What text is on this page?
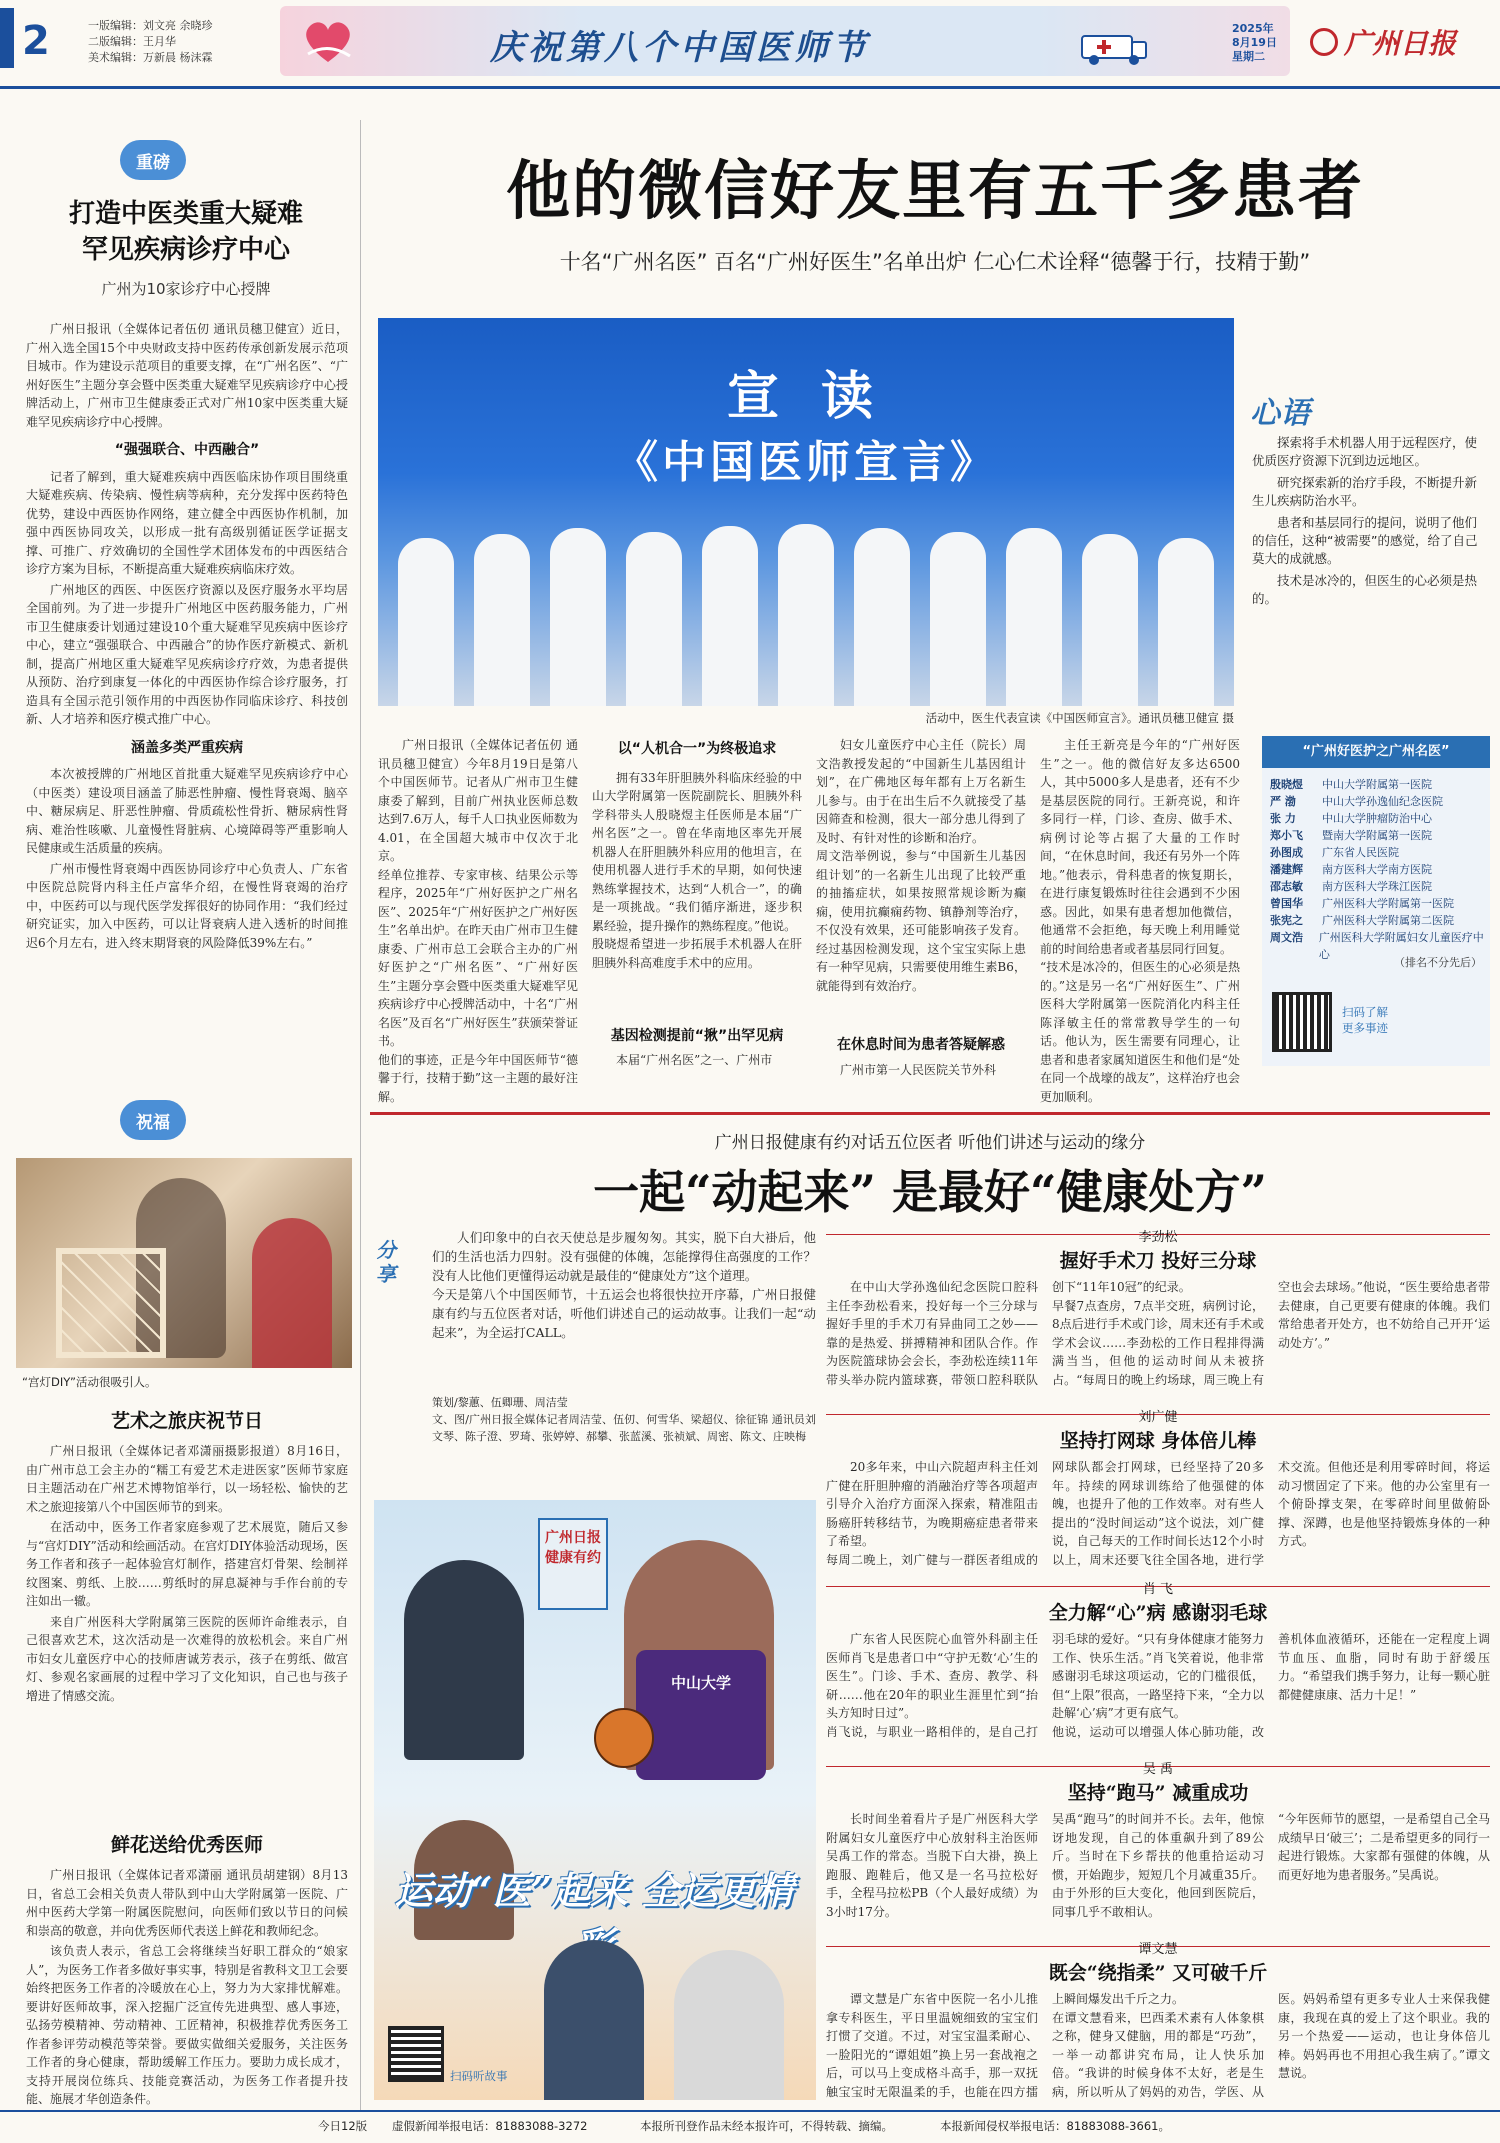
2	一版编辑：刘文亮 余晓珍
二版编辑：王月华
美术编辑：万新晨 杨沫霖	庆祝第八个中国医师节	2025年
8月19日
星期二	广州日报
重磅
打造中医类重大疑难
罕见疾病诊疗中心
广州为10家诊疗中心授牌

广州日报讯（全媒体记者伍仞 通讯员穗卫健宣）近日，广州入选全国15个中央财政支持中医药传承创新发展示范项目城市。作为建设示范项目的重要支撑，在“广州名医”、“广州好医生”主题分享会暨中医类重大疑难罕见疾病诊疗中心授牌活动上，广州市卫生健康委正式对广州10家中医类重大疑难罕见疾病诊疗中心授牌。

“强强联合、中西融合”

记者了解到，重大疑难疾病中西医临床协作项目围绕重大疑难疾病、传染病、慢性病等病种，充分发挥中医药特色优势，建设中西医协作网络，建立健全中西医协作机制，加强中西医协同攻关，以形成一批有高级别循证医学证据支撑、可推广、疗效确切的全国性学术团体发布的中西医结合诊疗方案为目标，不断提高重大疑难疾病临床疗效。

广州地区的西医、中医医疗资源以及医疗服务水平均居全国前列。为了进一步提升广州地区中医药服务能力，广州市卫生健康委计划通过建设10个重大疑难罕见疾病中医诊疗中心，建立“强强联合、中西融合”的协作医疗新模式、新机制，提高广州地区重大疑难罕见疾病诊疗疗效，为患者提供从预防、治疗到康复一体化的中西医协作综合诊疗服务，打造具有全国示范引领作用的中西医协作同临床诊疗、科技创新、人才培养和医疗模式推广中心。

涵盖多类严重疾病

本次被授牌的广州地区首批重大疑难罕见疾病诊疗中心（中医类）建设项目涵盖了肺恶性肿瘤、慢性肾衰竭、脑卒中、糖尿病足、肝恶性肿瘤、骨质疏松性骨折、糖尿病性肾病、难治性咳嗽、儿童慢性肾脏病、心境障碍等严重影响人民健康或生活质量的疾病。

广州市慢性肾衰竭中西医协同诊疗中心负责人、广东省中医院总院肾内科主任卢富华介绍，在慢性肾衰竭的治疗中，中医药可以与现代医学发挥很好的协同作用：“我们经过研究证实，加入中医药，可以让肾衰病人进入透析的时间推迟6个月左右，进入终末期肾衰的风险降低39%左右。”

祝福
“宫灯DIY”活动很吸引人。
艺术之旅庆祝节日

广州日报讯（全媒体记者邓潇丽摄影报道）8月16日，由广州市总工会主办的“糯工有爱艺术走进医家”医师节家庭日主题活动在广州艺术博物馆举行，以一场轻松、愉快的艺术之旅迎接第八个中国医师节的到来。

在活动中，医务工作者家庭参观了艺术展览，随后又参与“宫灯DIY”活动和绘画活动。在宫灯DIY体验活动现场，医务工作者和孩子一起体验宫灯制作，搭建宫灯骨架、绘制祥纹图案、剪纸、上胶……剪纸时的屏息凝神与手作台前的专注如出一辙。

来自广州医科大学附属第三医院的医师许命维表示，自己很喜欢艺术，这次活动是一次难得的放松机会。来自广州市妇女儿童医疗中心的技师唐诚芳表示，孩子在剪纸、做宫灯、参观名家画展的过程中学习了文化知识，自己也与孩子增进了情感交流。

鲜花送给优秀医师

广州日报讯（全媒体记者邓潇丽 通讯员胡建钢）8月13日，省总工会相关负责人带队到中山大学附属第一医院、广州中医药大学第一附属医院慰问，向医师们致以节日的问候和崇高的敬意，并向优秀医师代表送上鲜花和教师纪念。

该负责人表示，省总工会将继续当好职工群众的“娘家人”，为医务工作者多做好事实事，特别是省教科文卫工会要始终把医务工作者的冷暖放在心上，努力为大家排忧解难。要讲好医师故事，深入挖掘广泛宣传先进典型、感人事迹，弘扬劳模精神、劳动精神、工匠精神，积极推荐优秀医务工作者参评劳动模范等荣誉。要做实做细关爱服务，关注医务工作者的身心健康，帮助缓解工作压力。要助力成长成才，支持开展岗位练兵、技能竞赛活动，为医务工作者提升技能、施展才华创造条件。

他的微信好友里有五千多患者
十名“广州名医” 百名“广州好医生”名单出炉 仁心仁术诠释“德馨于行，技精于勤”
宣 读
《中国医师宣言》
活动中，医生代表宣读《中国医师宣言》。通讯员穗卫健宣 摄
心语

探索将手术机器人用于远程医疗，使优质医疗资源下沉到边远地区。

研究探索新的治疗手段，不断提升新生儿疾病防治水平。

患者和基层同行的提问，说明了他们的信任，这种“被需要”的感觉，给了自己莫大的成就感。

技术是冰冷的，但医生的心必须是热的。

广州日报讯（全媒体记者伍仞 通讯员穗卫健宣）今年8月19日是第八个中国医师节。记者从广州市卫生健康委了解到，目前广州执业医师总数达到7.6万人，每千人口执业医师数为4.01，在全国超大城市中仅次于北京。
经单位推荐、专家审核、结果公示等程序，2025年“广州好医护之广州名医”、2025年“广州好医护之广州好医生”名单出炉。在昨天由广州市卫生健康委、广州市总工会联合主办的广州好医护之“广州名医”、“广州好医生”主题分享会暨中医类重大疑难罕见疾病诊疗中心授牌活动中，十名“广州名医”及百名“广州好医生”获颁荣誉证书。
他们的事迹，正是今年中国医师节“德馨于行，技精于勤”这一主题的最好注解。

以“人机合一”为终极追求

拥有33年肝胆胰外科临床经验的中山大学附属第一医院副院长、胆胰外科学科带头人殷晓煜主任医师是本届“广州名医”之一。曾在华南地区率先开展机器人在肝胆胰外科应用的他坦言，在使用机器人进行手术的早期，如何快速熟练掌握技术，达到“人机合一”，的确是一项挑战。“我们循序渐进，逐步积累经验，提升操作的熟练程度。”他说。
殷晓煜希望进一步拓展手术机器人在肝胆胰外科高难度手术中的应用。

基因检测提前“揪”出罕见病

本届“广州名医”之一、广州市

妇女儿童医疗中心主任（院长）周文浩教授发起的“中国新生儿基因组计划”，在广佛地区每年都有上万名新生儿参与。由于在出生后不久就接受了基因筛查和检测，很大一部分患儿得到了及时、有针对性的诊断和治疗。
周文浩举例说，参与“中国新生儿基因组计划”的一名新生儿出现了比较严重的抽搐症状，如果按照常规诊断为癫痫，使用抗癫痫药物、镇静剂等治疗，不仅没有效果，还可能影响孩子发育。经过基因检测发现，这个宝宝实际上患有一种罕见病，只需要使用维生素B6，就能得到有效治疗。

在休息时间为患者答疑解惑

广州市第一人民医院关节外科

主任王新亮是今年的“广州好医生”之一。他的微信好友多达6500人，其中5000多人是患者，还有不少是基层医院的同行。王新亮说，和许多同行一样，门诊、查房、做手术、病例讨论等占据了大量的工作时间，“在休息时间，我还有另外一个阵地。”他表示，骨科患者的恢复期长，在进行康复锻炼时往往会遇到不少困惑。因此，如果有患者想加他微信，他通常不会拒绝，每天晚上利用睡觉前的时间给患者或者基层同行回复。
“技术是冰冷的，但医生的心必须是热的。”这是另一名“广州好医生”、广州医科大学附属第一医院消化内科主任陈泽敏主任的常常教导学生的一句话。他认为，医生需要有同理心，让患者和患者家属知道医生和他们是“处在同一个战壕的战友”，这样治疗也会更加顺利。

“广州好医护之广州名医”
殷晓煜	中山大学附属第一医院
严 渤	中山大学孙逸仙纪念医院
张 力	中山大学肿瘤防治中心
郑小飞	暨南大学附属第一医院
孙图成	广东省人民医院
潘建辉	南方医科大学南方医院
邵志敏	南方医科大学珠江医院
曾国华	广州医科大学附属第一医院
张宪之	广州医科大学附属第二医院
周文浩	广州医科大学附属妇女儿童医疗中心
（排名不分先后）
扫码了解
更多事迹
广州日报健康有约对话五位医者 听他们讲述与运动的缘分
一起“动起来” 是最好“健康处方”
分享

人们印象中的白衣天使总是步履匆匆。其实，脱下白大褂后，他们的生活也活力四射。没有强健的体魄，怎能撑得住高强度的工作？没有人比他们更懂得运动就是最佳的“健康处方”这个道理。
今天是第八个中国医师节，十五运会也将很快拉开序幕，广州日报健康有约与五位医者对话，听他们讲述自己的运动故事。让我们一起“动起来”，为全运打CALL。

策划/黎蕙、伍卿珊、周洁莹
文、图/广州日报全媒体记者周洁莹、伍仞、何雪华、梁超仪、徐征锦 通讯员刘文琴、陈子澄、罗琦、张婷婷、郝攀、张蓝溪、张祯斌、周密、陈文、庄映梅

广州日报 健康有约
中山大学
运动“医”起来 全运更精
扫码听故事
李劲松
握好手术刀 投好三分球

在中山大学孙逸仙纪念医院口腔科主任李劲松看来，投好每一个三分球与握好手里的手术刀有异曲同工之妙——靠的是热爱、拼搏精神和团队合作。作为医院篮球协会会长，李劲松连续11年带头举办院内篮球赛，带领口腔科联队创下“11年10冠”的纪录。
早餐7点查房，7点半交班，病例讨论，8点后进行手术或门诊，周末还有手术或学术会议……李劲松的工作日程排得满满当当，但他的运动时间从未被挤占。“每周日的晚上约场球，周三晚上有空也会去球场。”他说，“医生要给患者带去健康，自己更要有健康的体魄。我们常给患者开处方，也不妨给自己开开‘运动处方’。”

刘广健
坚持打网球 身体倍儿棒

20多年来，中山六院超声科主任刘广健在肝胆肿瘤的消融治疗等各项超声引导介入治疗方面深入探索，精准阻击肠癌肝转移结节，为晚期癌症患者带来了希望。
每周二晚上，刘广健与一群医者组成的网球队都会打网球，已经坚持了20多年。持续的网球训练给了他强健的体魄，也提升了他的工作效率。对有些人提出的“没时间运动”这个说法，刘广健说，自己每天的工作时间长达12个小时以上，周末还要飞往全国各地，进行学术交流。但他还是利用零碎时间，将运动习惯固定了下来。他的办公室里有一个俯卧撑支架，在零碎时间里做俯卧撑、深蹲，也是他坚持锻炼身体的一种方式。

肖 飞
全力解“心”病 感谢羽毛球

广东省人民医院心血管外科副主任医师肖飞是患者口中“守护无数‘心’生的医生”。门诊、手术、查房、教学、科研……他在20年的职业生涯里忙到“抬头方知时日过”。
肖飞说，与职业一路相伴的，是自己打羽毛球的爱好。“只有身体健康才能努力工作、快乐生活。”肖飞笑着说，他非常感谢羽毛球这项运动，它的门槛很低，但“上限”很高，一路坚持下来，“全力以赴解‘心’病”才更有底气。
他说，运动可以增强人体心肺功能，改善机体血液循环，还能在一定程度上调节血压、血脂，同时有助于舒缓压力。“希望我们携手努力，让每一颗心脏都健健康康、活力十足！”

吴 禹
坚持“跑马” 减重成功

长时间坐着看片子是广州医科大学附属妇女儿童医疗中心放射科主治医师吴禹工作的常态。当脱下白大褂，换上跑服、跑鞋后，他又是一名马拉松好手，全程马拉松PB（个人最好成绩）为3小时17分。
吴禹“跑马”的时间并不长。去年，他惊讶地发现，自己的体重飙升到了89公斤。当时在下乡帮扶的他重拾运动习惯，开始跑步，短短几个月减重35斤。由于外形的巨大变化，他回到医院后，同事几乎不敢相认。
“今年医师节的愿望，一是希望自己全马成绩早日‘破三’；二是希望更多的同行一起进行锻炼。大家都有强健的体魄，从而更好地为患者服务。”吴禹说。

谭文慧
既会“绕指柔” 又可破千斤

谭文慧是广东省中医院一名小儿推拿专科医生，平日里温婉细致的宝宝们打惯了交道。不过，对宝宝温柔耐心、一脸阳光的“谭姐姐”换上另一套战袍之后，可以马上变成格斗高手，那一双抚触宝宝时无限温柔的手，也能在四方擂上瞬间爆发出千斤之力。
在谭文慧看来，巴西柔术素有人体象棋之称，健身又健脑，用的都是“巧劲”，一举一动都讲究布局，让人快乐加倍。“我讲的时候身体不太好，老是生病，所以听从了妈妈的劝告，学医、从医。妈妈希望有更多专业人士来保我健康，我现在真的爱上了这个职业。我的另一个热爱——运动，也让身体倍儿棒。妈妈再也不用担心我生病了。”谭文慧说。

今日12版 虚假新闻举报电话：81883088-3272	本报所刊登作品未经本报许可，不得转载、摘编。	本报新闻侵权举报电话：81883088-3661。
